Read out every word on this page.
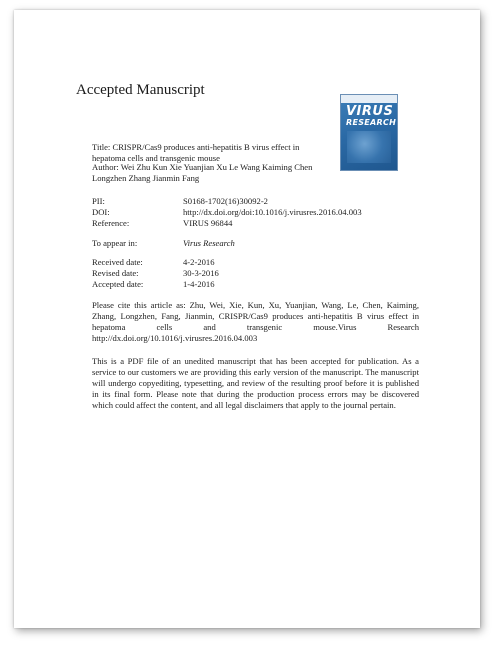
Accepted Manuscript
VIRUS
RESEARCH
Title: CRISPR/Cas9 produces anti-hepatitis B virus effect in hepatoma cells and transgenic mouse
Author: Wei Zhu Kun Xie Yuanjian Xu Le Wang Kaiming Chen Longzhen Zhang Jianmin Fang
PII:	S0168-1702(16)30092-2
DOI:	http://dx.doi.org/doi:10.1016/j.virusres.2016.04.003
Reference:	VIRUS 96844
To appear in:	Virus Research
Received date:	4-2-2016
Revised date:	30-3-2016
Accepted date:	1-4-2016
Please cite this article as: Zhu, Wei, Xie, Kun, Xu, Yuanjian, Wang, Le, Chen, Kaiming, Zhang, Longzhen, Fang, Jianmin, CRISPR/Cas9 produces anti-hepatitis B virus effect in hepatoma cells and transgenic mouse.Virus Research http://dx.doi.org/10.1016/j.virusres.2016.04.003
This is a PDF file of an unedited manuscript that has been accepted for publication. As a service to our customers we are providing this early version of the manuscript. The manuscript will undergo copyediting, typesetting, and review of the resulting proof before it is published in its final form. Please note that during the production process errors may be discovered which could affect the content, and all legal disclaimers that apply to the journal pertain.
